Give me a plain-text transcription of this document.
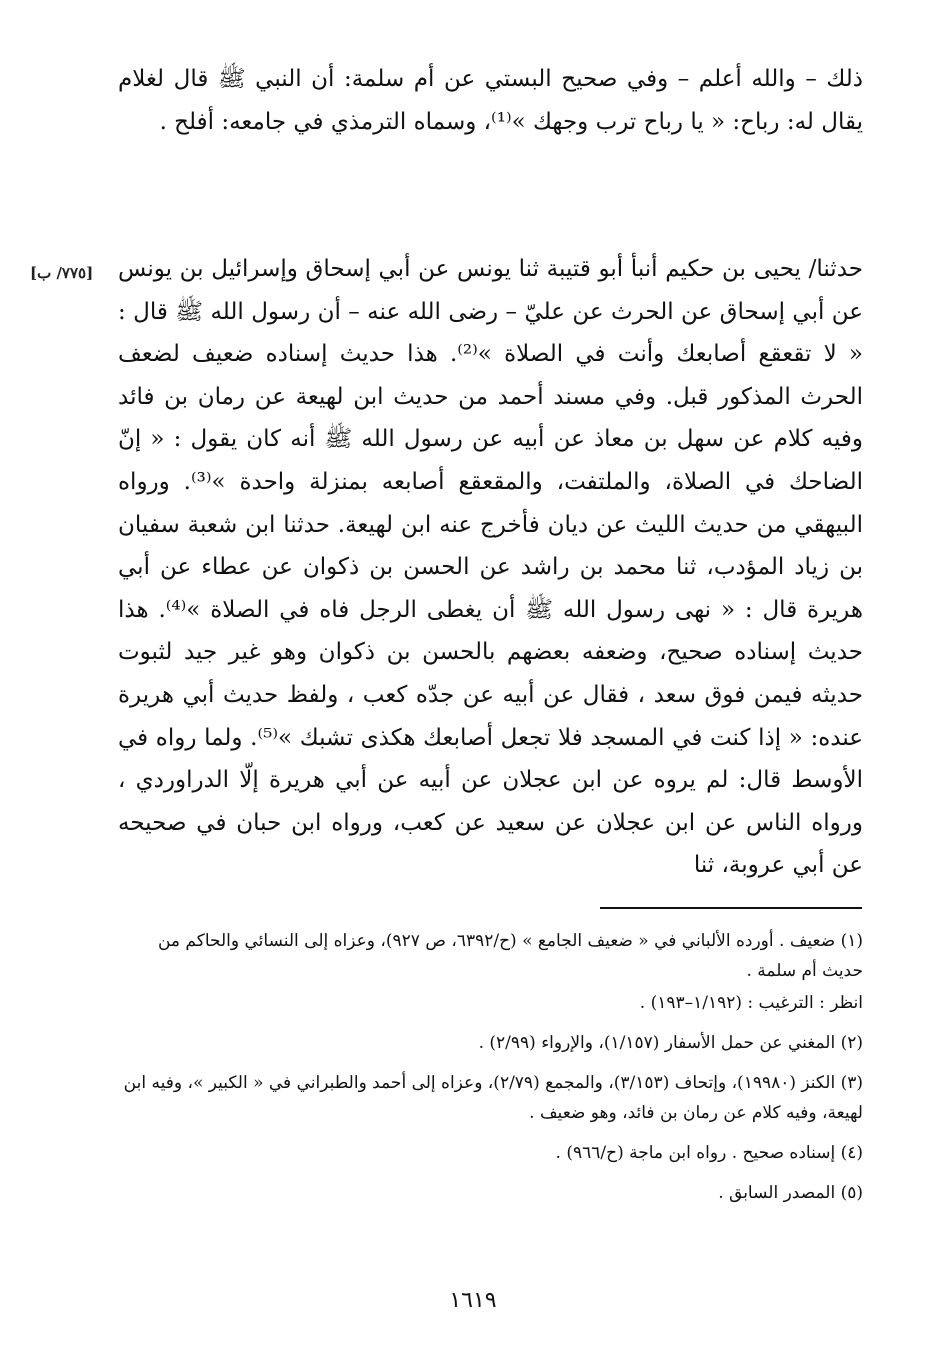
ذلك – والله أعلم – وفي صحيح البستي عن أم سلمة: أن النبي ﷺ قال لغلام يقال له: رباح: « يا رباح ترب وجهك »⁽¹⁾، وسماه الترمذي في جامعه: أفلح .
حدثنا/ يحيى بن حكيم أنبأ أبو قتيبة ثنا يونس عن أبي إسحاق وإسرائيل بن يونس عن أبي إسحاق عن الحرث عن عليّ – رضى الله عنه – أن رسول الله ﷺ قال : « لا تقعقع أصابعك وأنت في الصلاة »⁽²⁾. هذا حديث إسناده ضعيف لضعف الحرث المذكور قبل. وفي مسند أحمد من حديث ابن لهيعة عن رمان بن فائد وفيه كلام عن سهل بن معاذ عن أبيه عن رسول الله ﷺ أنه كان يقول : « إنّ الضاحك في الصلاة، والملتفت، والمقعقع أصابعه بمنزلة واحدة »⁽³⁾. ورواه البيهقي من حديث الليث عن ديان فأخرج عنه ابن لهيعة. حدثنا ابن شعبة سفيان بن زياد المؤدب، ثنا محمد بن راشد عن الحسن بن ذكوان عن عطاء عن أبي هريرة قال : « نهى رسول الله ﷺ أن يغطى الرجل فاه في الصلاة »⁽⁴⁾. هذا حديث إسناده صحيح، وضعفه بعضهم بالحسن بن ذكوان وهو غير جيد لثبوت حديثه فيمن فوق سعد ، فقال عن أبيه عن جدّه كعب ، ولفظ حديث أبي هريرة عنده: « إذا كنت في المسجد فلا تجعل أصابعك هكذى تشبك »⁽⁵⁾. ولما رواه في الأوسط قال: لم يروه عن ابن عجلان عن أبيه عن أبي هريرة إلّا الدراوردي ، ورواه الناس عن ابن عجلان عن سعيد عن كعب، ورواه ابن حبان في صحيحه عن أبي عروبة، ثنا
[٧٧٥/ ب]
(١) ضعيف . أورده الألباني في « ضعيف الجامع » (ح/٦٣٩٢، ص ٩٢٧)، وعزاه إلى النسائي والحاكم من حديث أم سلمة .
انظر : الترغيب : (١/١٩٢–١٩٣) .
(٢) المغني عن حمل الأسفار (١/١٥٧)، والإرواء (٢/٩٩) .
(٣) الكنز (١٩٩٨٠)، وإتحاف (٣/١٥٣)، والمجمع (٢/٧٩)، وعزاه إلى أحمد والطبراني في « الكبير »، وفيه ابن لهيعة، وفيه كلام عن رمان بن فائد، وهو ضعيف .
(٤) إسناده صحيح . رواه ابن ماجة (ح/٩٦٦) .
(٥) المصدر السابق .
١٦١٩
